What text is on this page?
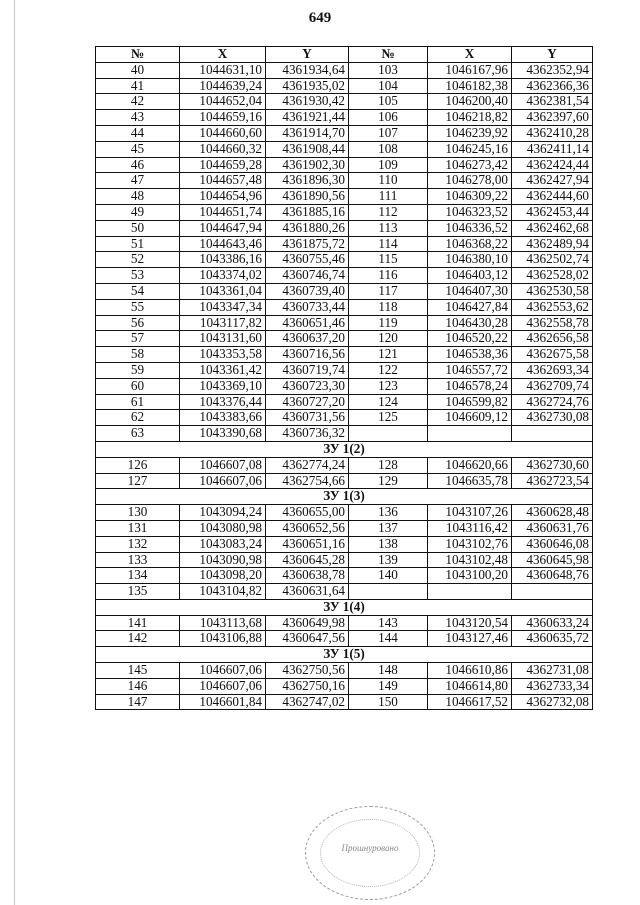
649
№	X	Y	№	X	Y
40	1044631,10	4361934,64	103	1046167,96	4362352,94
41	1044639,24	4361935,02	104	1046182,38	4362366,36
42	1044652,04	4361930,42	105	1046200,40	4362381,54
43	1044659,16	4361921,44	106	1046218,82	4362397,60
44	1044660,60	4361914,70	107	1046239,92	4362410,28
45	1044660,32	4361908,44	108	1046245,16	4362411,14
46	1044659,28	4361902,30	109	1046273,42	4362424,44
47	1044657,48	4361896,30	110	1046278,00	4362427,94
48	1044654,96	4361890,56	111	1046309,22	4362444,60
49	1044651,74	4361885,16	112	1046323,52	4362453,44
50	1044647,94	4361880,26	113	1046336,52	4362462,68
51	1044643,46	4361875,72	114	1046368,22	4362489,94
52	1043386,16	4360755,46	115	1046380,10	4362502,74
53	1043374,02	4360746,74	116	1046403,12	4362528,02
54	1043361,04	4360739,40	117	1046407,30	4362530,58
55	1043347,34	4360733,44	118	1046427,84	4362553,62
56	1043117,82	4360651,46	119	1046430,28	4362558,78
57	1043131,60	4360637,20	120	1046520,22	4362656,58
58	1043353,58	4360716,56	121	1046538,36	4362675,58
59	1043361,42	4360719,74	122	1046557,72	4362693,34
60	1043369,10	4360723,30	123	1046578,24	4362709,74
61	1043376,44	4360727,20	124	1046599,82	4362724,76
62	1043383,66	4360731,56	125	1046609,12	4362730,08
63	1043390,68	4360736,32			
ЗУ 1(2)					
126	1046607,08	4362774,24	128	1046620,66	4362730,60
127	1046607,06	4362754,66	129	1046635,78	4362723,54
ЗУ 1(3)					
130	1043094,24	4360655,00	136	1043107,26	4360628,48
131	1043080,98	4360652,56	137	1043116,42	4360631,76
132	1043083,24	4360651,16	138	1043102,76	4360646,08
133	1043090,98	4360645,28	139	1043102,48	4360645,98
134	1043098,20	4360638,78	140	1043100,20	4360648,76
135	1043104,82	4360631,64			
ЗУ 1(4)					
141	1043113,68	4360649,98	143	1043120,54	4360633,24
142	1043106,88	4360647,56	144	1043127,46	4360635,72
ЗУ 1(5)					
145	1046607,06	4362750,56	148	1046610,86	4362731,08
146	1046607,06	4362750,16	149	1046614,80	4362733,34
147	1046601,84	4362747,02	150	1046617,52	4362732,08
Прошнуровано
